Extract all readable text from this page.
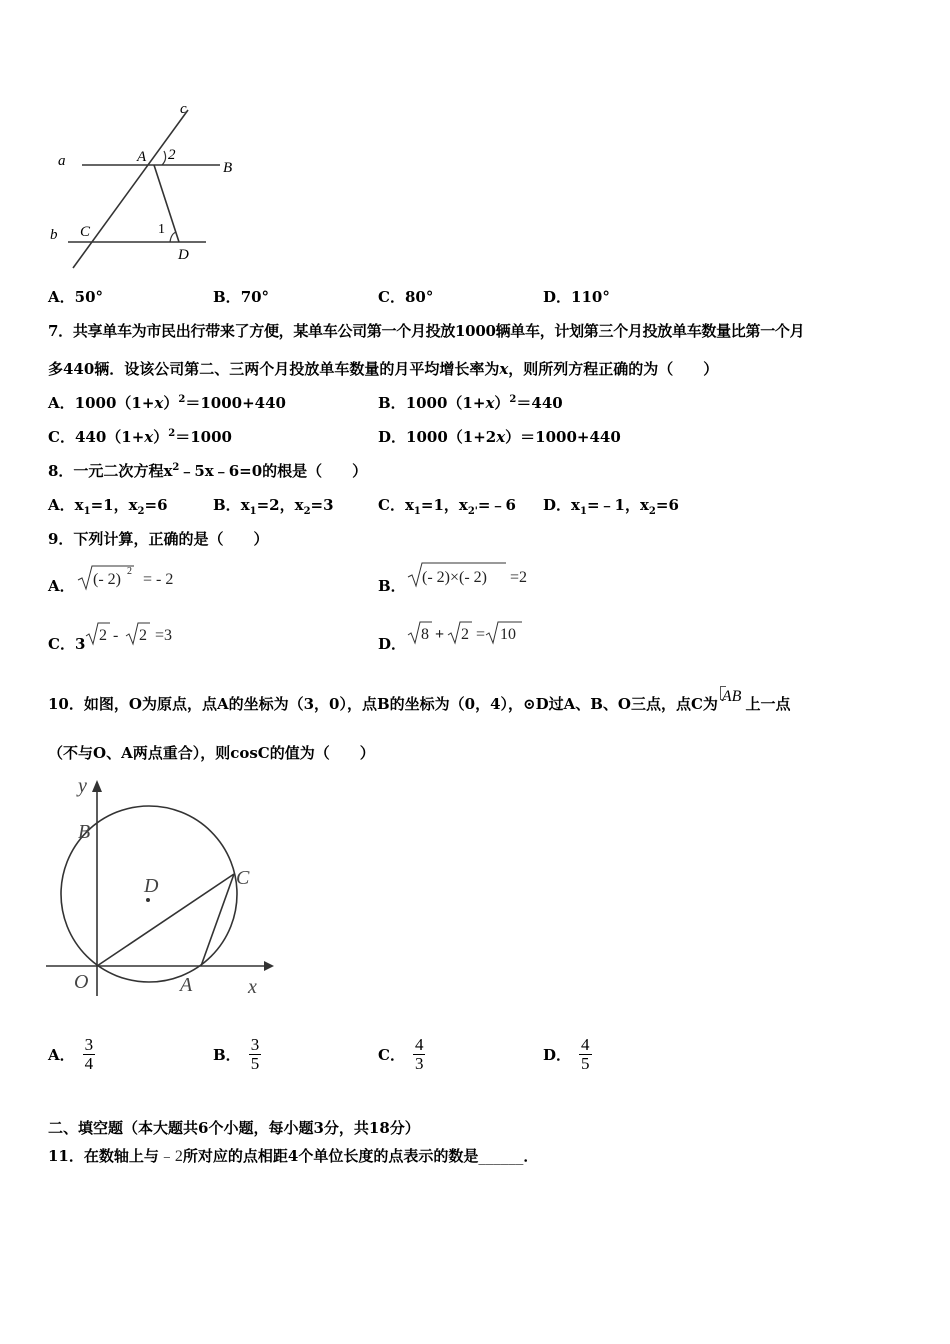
c
a	A 2
B
b C	1
D
A．50°	B．70°	C．80°	D．110°
7．共享单车为市民出行带来了方便，某单车公司第一个月投放1000辆单车，计划第三个月投放单车数量比第一个月
多440辆．设该公司第二、三两个月投放单车数量的月平均增长率为x，则所列方程正确的为（　　）
A．$1000(1+x)^2=1000+440$	B．$1000(1+x)^2=440$
C．$440(1+x)^2=1000$	D．1000（1+2x）＝1000+440
8．一元二次方程$x^2﹣5x﹣6=0$的根是（　　）
A．$x_1=1$，$x_2=6$	B．$x_1=2$，$x_2=3$	C．$x_1=1$，$x_{2'}=﹣6$ D．$x_1=﹣1$，$x_2=6$
9．下列计算，正确的是（　　）
A． (- 2) 2 = - 2	B． (- 2)×(- 2) =2
C．3 2 - 2 =3	D．
8 + 2 = 10
10．如图，O为原点，点A的坐标为（3，0），点B的坐标为（0，4），⊙D过A、B、O三点，点C为 AB 上一点
（不与O、A两点重合），则cosC的值为（　　）
y
B
D	C
O	A	x
A． $\frac{3}{4}$	B． $\frac{3}{5}$	C． $\frac{4}{3}$	D． $\frac{4}{5}$
二、填空题（本大题共6个小题，每小题3分，共18分）
11．在数轴上与﹣2所对应的点相距4个单位长度的点表示的数是______．
